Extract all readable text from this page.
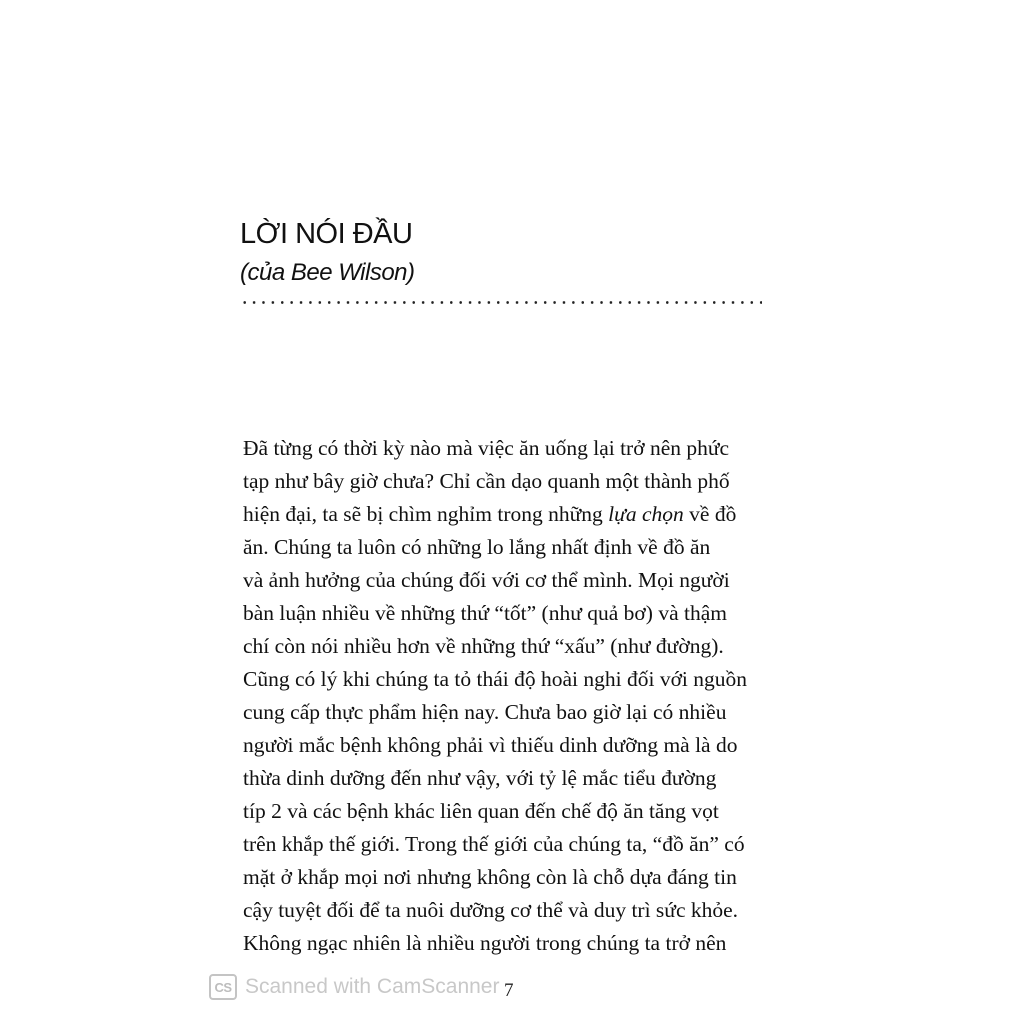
LỜI NÓI ĐẦU
(của Bee Wilson)
Đã từng có thời kỳ nào mà việc ăn uống lại trở nên phức
tạp như bây giờ chưa? Chỉ cần dạo quanh một thành phố
hiện đại, ta sẽ bị chìm nghỉm trong những lựa chọn về đồ
ăn. Chúng ta luôn có những lo lắng nhất định về đồ ăn
và ảnh hưởng của chúng đối với cơ thể mình. Mọi người
bàn luận nhiều về những thứ “tốt” (như quả bơ) và thậm
chí còn nói nhiều hơn về những thứ “xấu” (như đường).
Cũng có lý khi chúng ta tỏ thái độ hoài nghi đối với nguồn
cung cấp thực phẩm hiện nay. Chưa bao giờ lại có nhiều
người mắc bệnh không phải vì thiếu dinh dưỡng mà là do
thừa dinh dưỡng đến như vậy, với tỷ lệ mắc tiểu đường
típ 2 và các bệnh khác liên quan đến chế độ ăn tăng vọt
trên khắp thế giới. Trong thế giới của chúng ta, “đồ ăn” có
mặt ở khắp mọi nơi nhưng không còn là chỗ dựa đáng tin
cậy tuyệt đối để ta nuôi dưỡng cơ thể và duy trì sức khỏe.
Không ngạc nhiên là nhiều người trong chúng ta trở nên
CS Scanned with CamScanner 7
